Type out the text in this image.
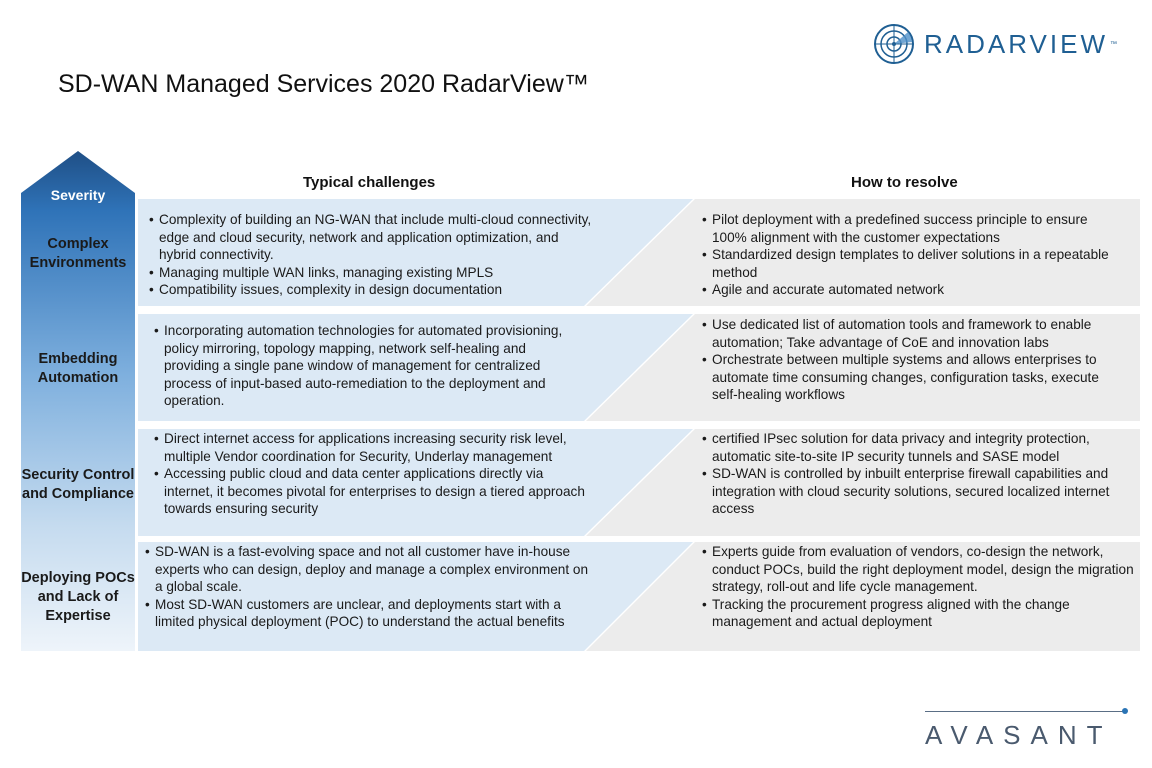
RADARVIEW ™
SD-WAN Managed Services 2020 RadarView™
Severity
Complex Environments
Embedding Automation
Security Control and Compliance
Deploying POCs and Lack of Expertise
Typical challenges	How to resolve
• Complexity of building an NG-WAN that include multi-cloud connectivity, edge and cloud security, network and application optimization, and hybrid connectivity.
• Managing multiple WAN links, managing existing MPLS
• Compatibility issues, complexity in design documentation
• Pilot deployment with a predefined success principle to ensure 100% alignment with the customer expectations
• Standardized design templates to deliver solutions in a repeatable method
• Agile and accurate automated network
• Incorporating automation technologies for automated provisioning, policy mirroring, topology mapping, network self-healing and providing a single pane window of management for centralized process of input-based auto-remediation to the deployment and operation.
• Use dedicated list of automation tools and framework to enable automation; Take advantage of CoE and innovation labs
• Orchestrate between multiple systems and allows enterprises to automate time consuming changes, configuration tasks, execute self-healing workflows
• Direct internet access for applications increasing security risk level, multiple Vendor coordination for Security, Underlay management
• Accessing public cloud and data center applications directly via internet, it becomes pivotal for enterprises to design a tiered approach towards ensuring security
• certified IPsec solution for data privacy and integrity protection, automatic site-to-site IP security tunnels and SASE model
• SD-WAN is controlled by inbuilt enterprise firewall capabilities and integration with cloud security solutions, secured localized internet access
• SD-WAN is a fast-evolving space and not all customer have in-house experts who can design, deploy and manage a complex environment on a global scale.
• Most SD-WAN customers are unclear, and deployments start with a limited physical deployment (POC) to understand the actual benefits
• Experts guide from evaluation of vendors, co-design the network, conduct POCs, build the right deployment model, design the migration strategy, roll-out and life cycle management.
• Tracking the procurement progress aligned with the change management and actual deployment
AVASANT
